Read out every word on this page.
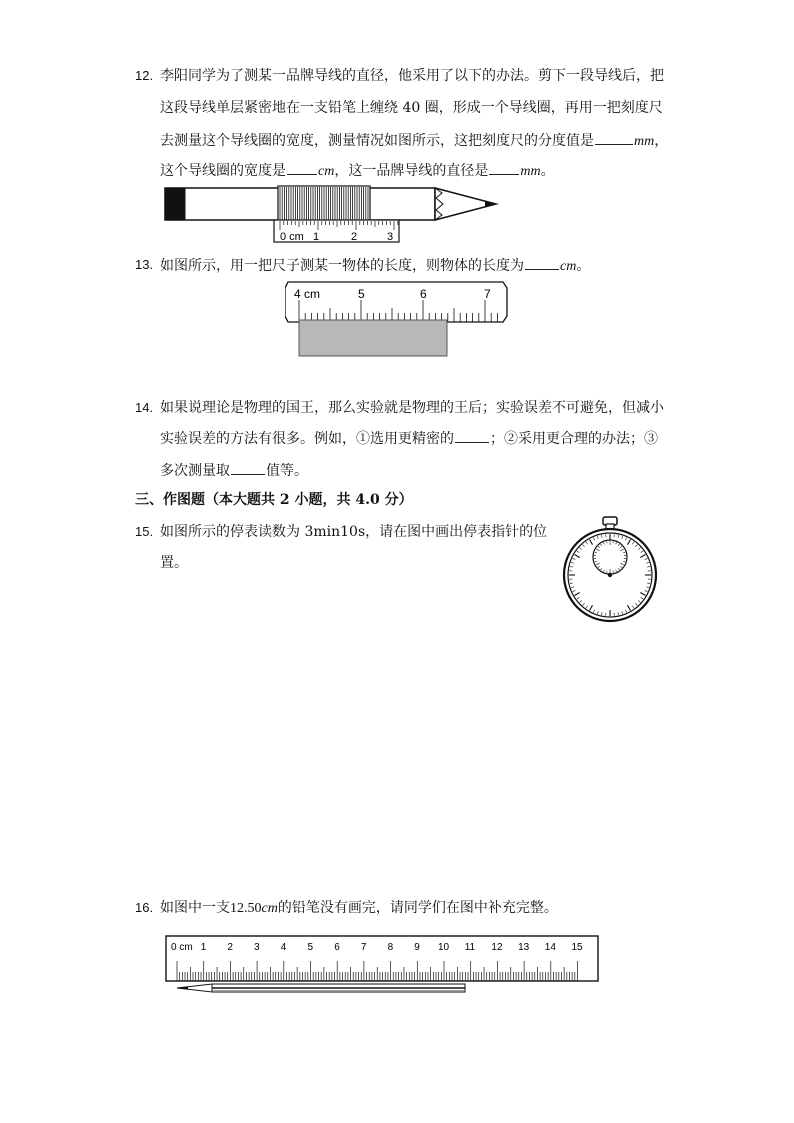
12. 李阳同学为了测某一品牌导线的直径，他采用了以下的办法。剪下一段导线后，把
这段导线单层紧密地在一支铅笔上缠绕 40 圈，形成一个导线圈，再用一把刻度尺
去测量这个导线圈的宽度，测量情况如图所示，这把刻度尺的分度值是	mm，
这个导线圈的宽度是 cm，这一品牌导线的直径是 mm。
0 cm 1	2	3
13. 如图所示，用一把尺子测某一物体的长度，则物体的长度为	cm。
4 cm	5	6	7
14. 如果说理论是物理的国王，那么实验就是物理的王后；实验误差不可避免，但减小
实验误差的方法有很多。例如，①选用更精密的	；②采用更合理的办法；③
多次测量取	值等。
三、作图题（本大题共 2 小题，共 4.0 分）
15. 如图所示的停表读数为 3min10s，请在图中画出停表指针的位
置。
16. 如图中一支12.50cm的铅笔没有画完，请同学们在图中补充完整。
0 cm 1 2 3 4 5 6 7 8 9 10 11 12 13 14 15
